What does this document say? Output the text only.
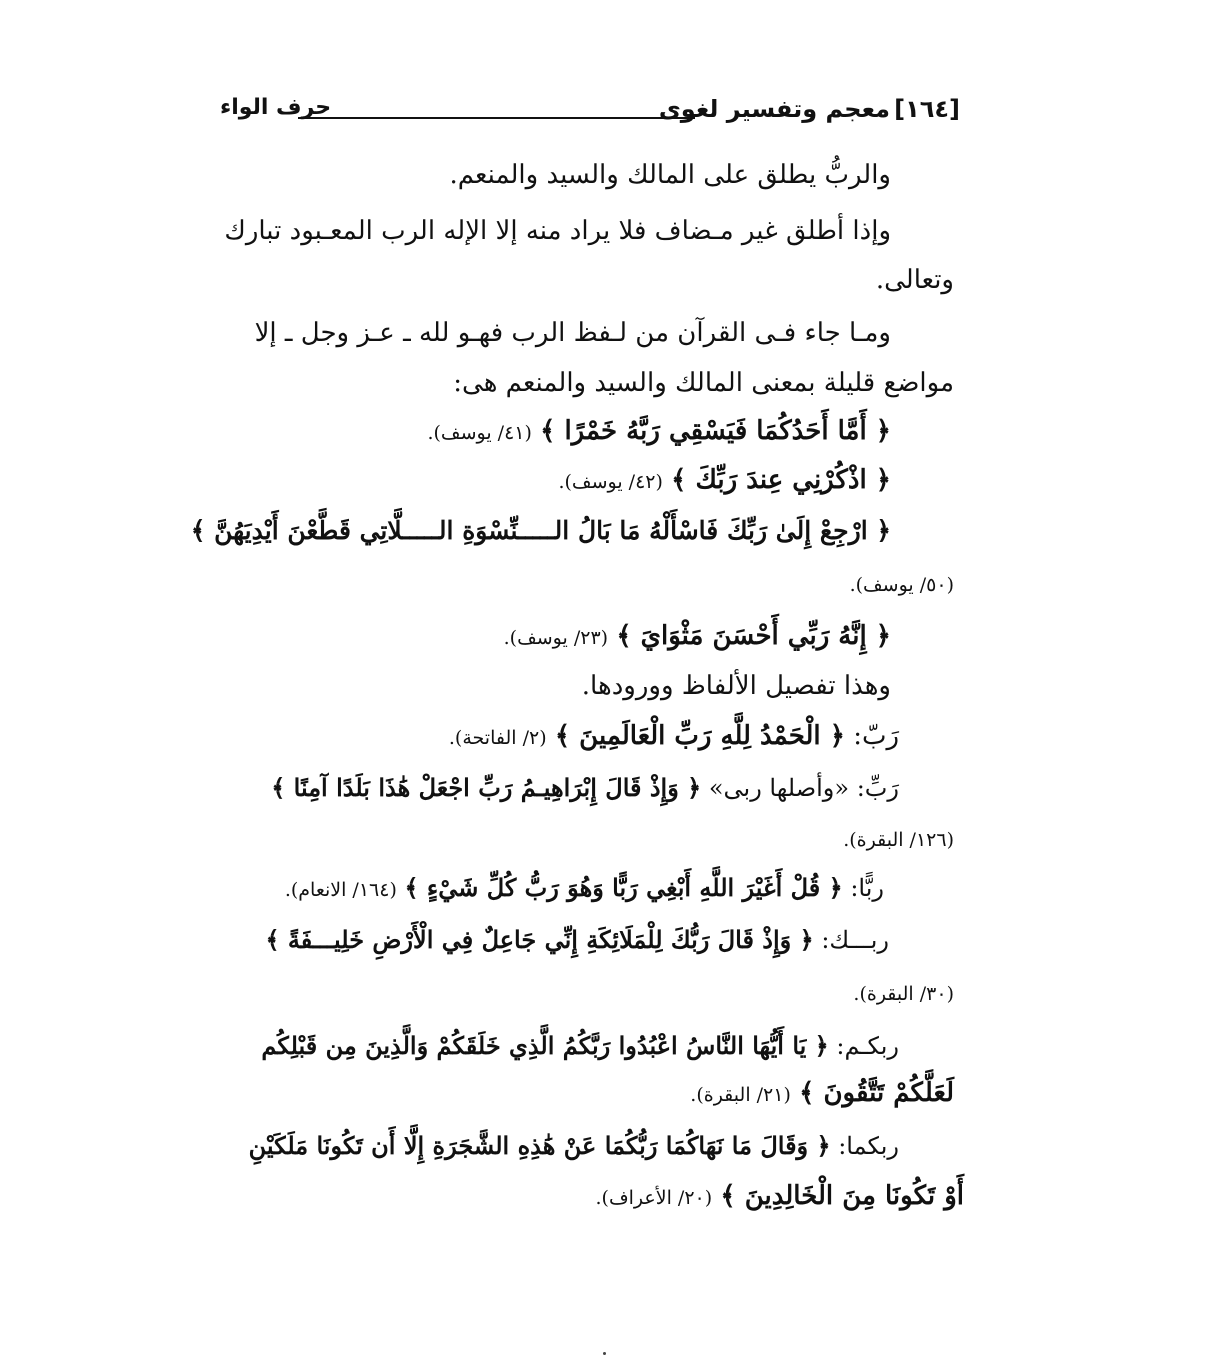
[١٦٤]
معجم وتفسير لغوى
حرف الواء
والربُّ يطلق على المالك والسيد والمنعم.
وإذا أطلق غير مـضاف فلا يراد منه إلا الإله الرب المعـبود تبارك
وتعالى.
ومـا جاء فـى القرآن من لـفظ الرب فهـو لله ـ عـز وجل ـ إلا
مواضع قليلة بمعنى المالك والسيد والمنعم هى:
﴿ أَمَّا أَحَدُكُمَا فَيَسْقِي رَبَّهُ خَمْرًا ﴾ (٤١/ يوسف).
﴿ اذْكُرْنِي عِندَ رَبِّكَ ﴾ (٤٢/ يوسف).
﴿ ارْجِعْ إِلَىٰ رَبِّكَ فَاسْأَلْهُ مَا بَالُ الـــــنِّسْوَةِ الـــــلَّاتِي قَطَّعْنَ أَيْدِيَهُنَّ ﴾
(٥٠/ يوسف).
﴿ إِنَّهُ رَبِّي أَحْسَنَ مَثْوَايَ ﴾ (٢٣/ يوسف).
وهذا تفصيل الألفاظ وورودها.
رَبّ: ﴿ الْحَمْدُ لِلَّهِ رَبِّ الْعَالَمِينَ ﴾ (٢/ الفاتحة).
رَبِّ: «وأصلها ربى» ﴿ وَإِذْ قَالَ إِبْرَاهِيـمُ رَبِّ اجْعَلْ هَٰذَا بَلَدًا آمِنًا ﴾
(١٢٦/ البقرة).
ربًّا: ﴿ قُلْ أَغَيْرَ اللَّهِ أَبْغِي رَبًّا وَهُوَ رَبُّ كُلِّ شَيْءٍ ﴾ (١٦٤/ الانعام).
ربـــك: ﴿ وَإِذْ قَالَ رَبُّكَ لِلْمَلَائِكَةِ إِنِّي جَاعِلٌ فِي الْأَرْضِ خَلِيـــفَةً ﴾
(٣٠/ البقرة).
ربكـم: ﴿ يَا أَيُّهَا النَّاسُ اعْبُدُوا رَبَّكُمُ الَّذِي خَلَقَكُمْ وَالَّذِينَ مِن قَبْلِكُم
لَعَلَّكُمْ تَتَّقُونَ ﴾ (٢١/ البقرة).
ربكما: ﴿ وَقَالَ مَا نَهَاكُمَا رَبُّكُمَا عَنْ هَٰذِهِ الشَّجَرَةِ إِلَّا أَن تَكُونَا مَلَكَيْنِ
أَوْ تَكُونَا مِنَ الْخَالِدِينَ ﴾ (٢٠/ الأعراف).
